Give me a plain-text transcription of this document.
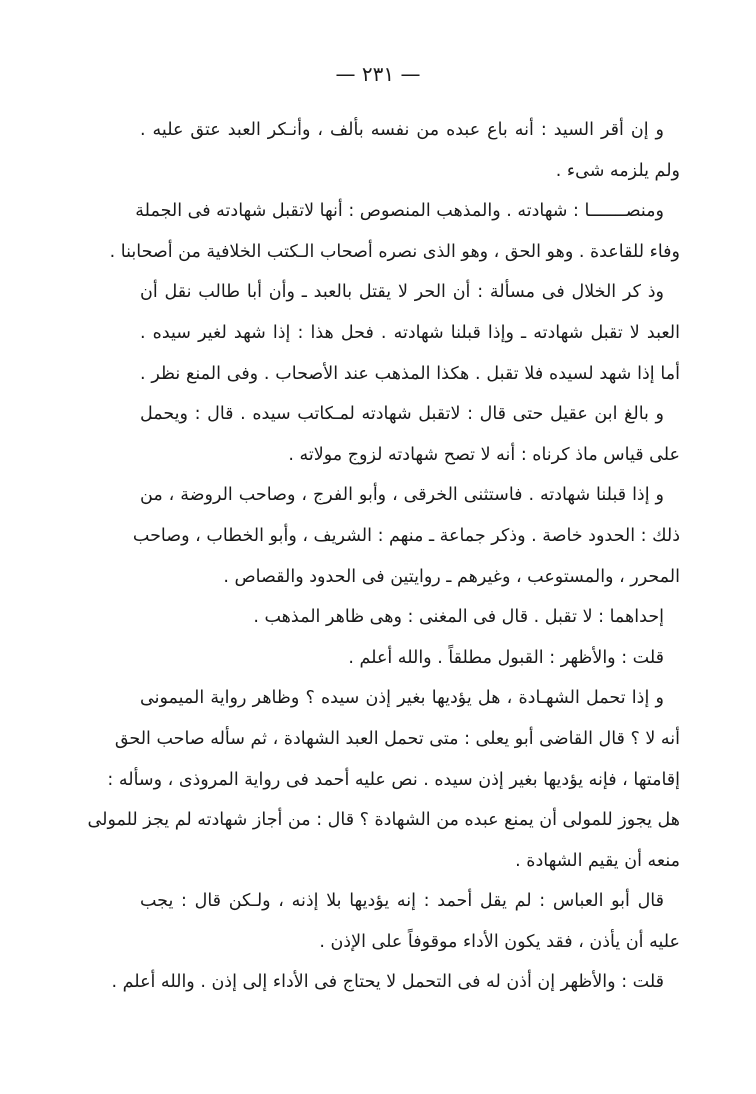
— ٢٣١ —
و إن أقر السيد : أنه باع عبده من نفسه بألف ، وأنـكر العبد عتق عليه .
ولم يلزمه شىء .
ومنصـــــــا : شهادته . والمذهب المنصوص : أنها لاتقبل شهادته فى الجملة
وفاء للقاعدة . وهو الحق ، وهو الذى نصره أصحاب الـكتب الخلافية من أصحابنا .
وذ كر الخلال فى مسألة : أن الحر لا يقتل بالعبد ـ وأن أبا طالب نقل أن
العبد لا تقبل شهادته ـ وإذا قبلنا شهادته . فحل هذا : إذا شهد لغير سيده .
أما إذا شهد لسيده فلا تقبل . هكذا المذهب عند الأصحاب . وفى المنع نظر .
و بالغ ابن عقيل حتى قال : لاتقبل شهادته لمـكاتب سيده . قال : ويحمل
على قياس ماذ كرناه : أنه لا تصح شهادته لزوج مولاته .
و إذا قبلنا شهادته . فاستثنى الخرقى ، وأبو الفرج ، وصاحب الروضة ، من
ذلك : الحدود خاصة . وذكر جماعة ـ منهم : الشريف ، وأبو الخطاب ، وصاحب
المحرر ، والمستوعب ، وغيرهم ـ روايتين فى الحدود والقصاص .
إحداهما : لا تقبل . قال فى المغنى : وهى ظاهر المذهب .
قلت : والأظهر : القبول مطلقاً . والله أعلم .
و إذا تحمل الشهـادة ، هل يؤديها بغير إذن سيده ؟ وظاهر رواية الميمونى
أنه لا ؟ قال القاضى أبو يعلى : متى تحمل العبد الشهادة ، ثم سأله صاحب الحق
إقامتها ، فإنه يؤديها بغير إذن سيده . نص عليه أحمد فى رواية المروذى ، وسأله :
هل يجوز للمولى أن يمنع عبده من الشهادة ؟ قال : من أجاز شهادته لم يجز للمولى
منعه أن يقيم الشهادة .
قال أبو العباس : لم يقل أحمد : إنه يؤديها بلا إذنه ، ولـكن قال : يجب
عليه أن يأذن ، فقد يكون الأداء موقوفاً على الإذن .
قلت : والأظهر إن أذن له فى التحمل لا يحتاج فى الأداء إلى إذن . والله أعلم .
